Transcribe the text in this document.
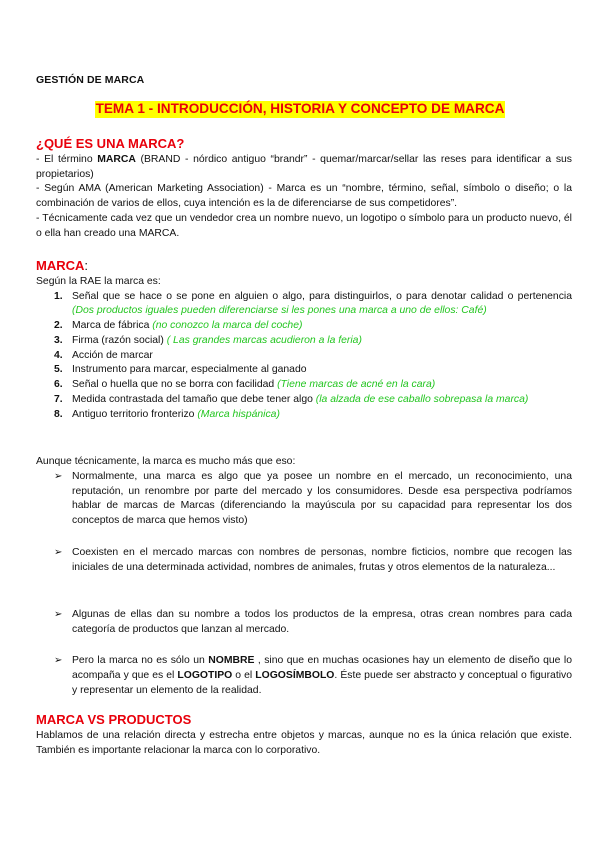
GESTIÓN DE MARCA
TEMA 1 - INTRODUCCIÓN, HISTORIA Y CONCEPTO DE MARCA
¿QUÉ ES UNA MARCA?

- El término MARCA (BRAND - nórdico antiguo “brandr” - quemar/marcar/sellar las reses para identificar a sus propietarios)

- Según AMA (American Marketing Association) - Marca es un “nombre, término, señal, símbolo o diseño; o la combinación de varios de ellos, cuya intención es la de diferenciarse de sus competidores”.

- Técnicamente cada vez que un vendedor crea un nombre nuevo, un logotipo o símbolo para un producto nuevo, él o ella han creado una MARCA.

MARCA:

Según la RAE la marca es:

1. Señal que se hace o se pone en alguien o algo, para distinguirlos, o para denotar calidad o pertenencia (Dos productos iguales pueden diferenciarse si les pones una marca a uno de ellos: Café)
2. Marca de fábrica (no conozco la marca del coche)
3. Firma (razón social) ( Las grandes marcas acudieron a la feria)
4. Acción de marcar
5. Instrumento para marcar, especialmente al ganado
6. Señal o huella que no se borra con facilidad (Tiene marcas de acné en la cara)
7. Medida contrastada del tamaño que debe tener algo (la alzada de ese caballo sobrepasa la marca)
8. Antiguo territorio fronterizo (Marca hispánica)

Aunque técnicamente, la marca es mucho más que eso:

➢ Normalmente, una marca es algo que ya posee un nombre en el mercado, un reconocimiento, una reputación, un renombre por parte del mercado y los consumidores. Desde esa perspectiva podríamos hablar de marcas de Marcas (diferenciando la mayúscula por su capacidad para representar los dos conceptos de marca que hemos visto)
➢ Coexisten en el mercado marcas con nombres de personas, nombre ficticios, nombre que recogen las iniciales de una determinada actividad, nombres de animales, frutas y otros elementos de la naturaleza...
➢ Algunas de ellas dan su nombre a todos los productos de la empresa, otras crean nombres para cada categoría de productos que lanzan al mercado.
➢ Pero la marca no es sólo un NOMBRE , sino que en muchas ocasiones hay un elemento de diseño que lo acompaña y que es el LOGOTIPO o el LOGOSÍMBOLO. Éste puede ser abstracto y conceptual o figurativo y representar un elemento de la realidad.
MARCA VS PRODUCTOS

Hablamos de una relación directa y estrecha entre objetos y marcas, aunque no es la única relación que existe. También es importante relacionar la marca con lo corporativo.
